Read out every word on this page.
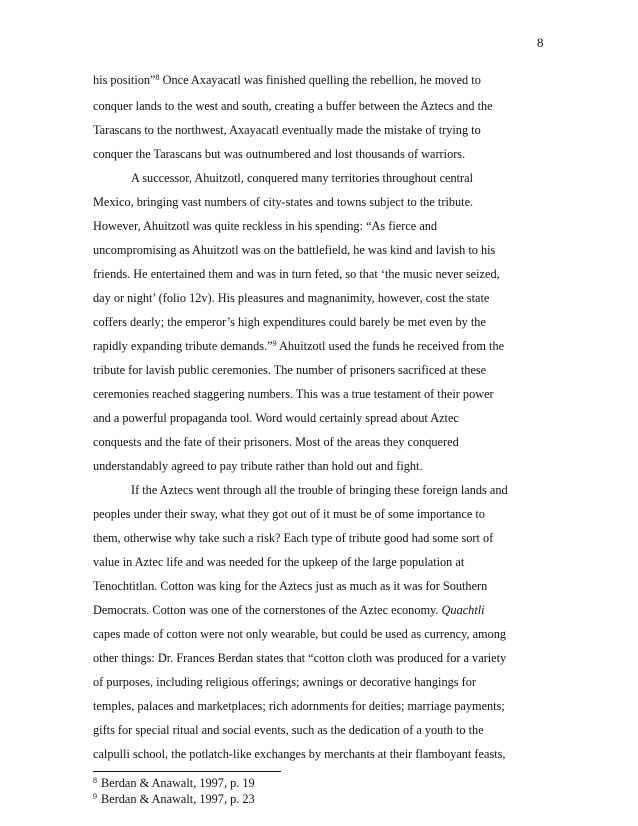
8
his position”$^8$ Once Axayacatl was finished quelling the rebellion, he moved to
conquer lands to the west and south, creating a buffer between the Aztecs and the
Tarascans to the northwest, Axayacatl eventually made the mistake of trying to
conquer the Tarascans but was outnumbered and lost thousands of warriors.
A successor, Ahuitzotl, conquered many territories throughout central
Mexico, bringing vast numbers of city-states and towns subject to the tribute.
However, Ahuitzotl was quite reckless in his spending: “As fierce and
uncompromising as Ahuitzotl was on the battlefield, he was kind and lavish to his
friends. He entertained them and was in turn feted, so that ‘the music never seized,
day or night’ (folio 12v). His pleasures and magnanimity, however, cost the state
coffers dearly; the emperor’s high expenditures could barely be met even by the
rapidly expanding tribute demands.”$^9$ Ahuitzotl used the funds he received from the
tribute for lavish public ceremonies. The number of prisoners sacrificed at these
ceremonies reached staggering numbers. This was a true testament of their power
and a powerful propaganda tool. Word would certainly spread about Aztec
conquests and the fate of their prisoners. Most of the areas they conquered
understandably agreed to pay tribute rather than hold out and fight.
If the Aztecs went through all the trouble of bringing these foreign lands and
peoples under their sway, what they got out of it must be of some importance to
them, otherwise why take such a risk? Each type of tribute good had some sort of
value in Aztec life and was needed for the upkeep of the large population at
Tenochtitlan. Cotton was king for the Aztecs just as much as it was for Southern
Democrats. Cotton was one of the cornerstones of the Aztec economy. Quachtli
capes made of cotton were not only wearable, but could be used as currency, among
other things: Dr. Frances Berdan states that “cotton cloth was produced for a variety
of purposes, including religious offerings; awnings or decorative hangings for
temples, palaces and marketplaces; rich adornments for deities; marriage payments;
gifts for special ritual and social events, such as the dedication of a youth to the
calpulli school, the potlatch-like exchanges by merchants at their flamboyant feasts,
$^8$ Berdan & Anawalt, 1997, p. 19
$^9$ Berdan & Anawalt, 1997, p. 23
